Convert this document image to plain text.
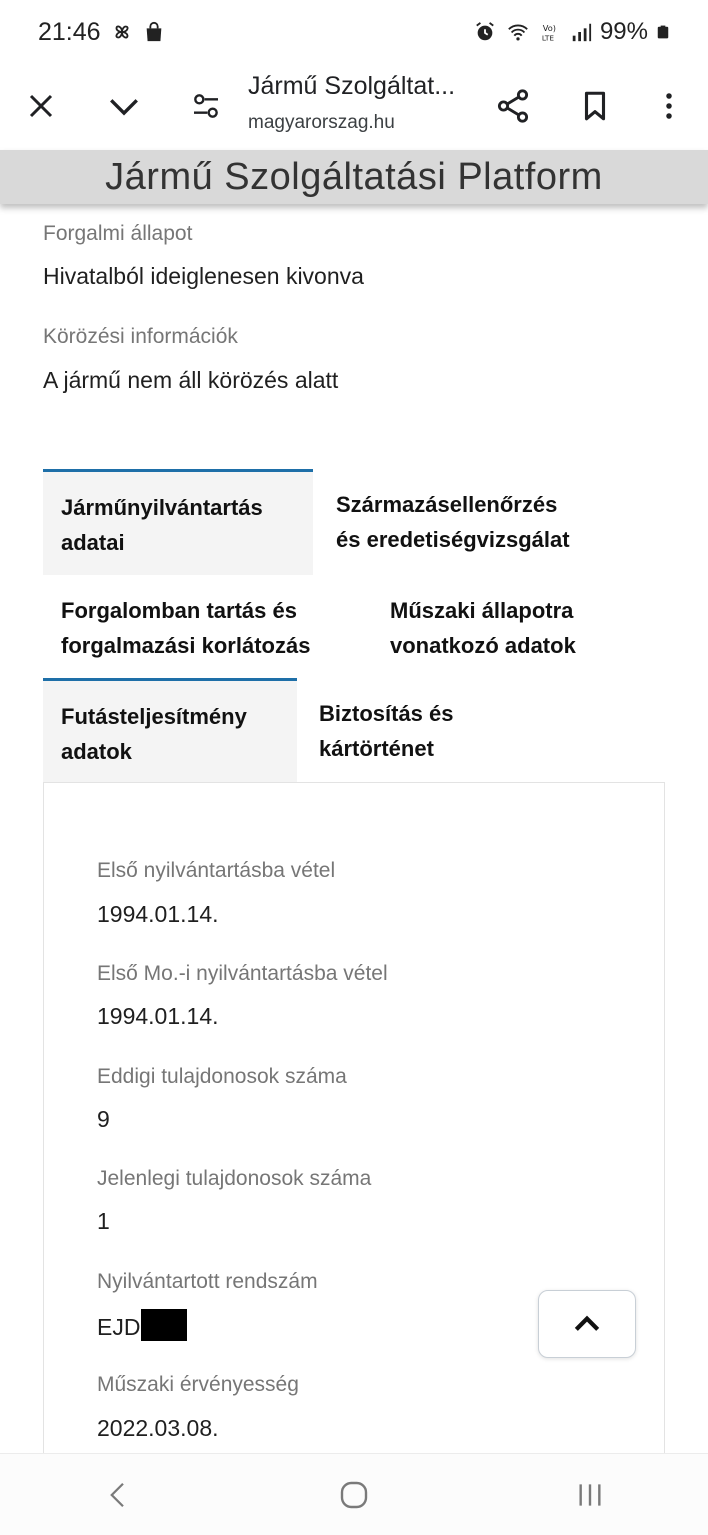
21:46	Vo)
LTE 99%
Jármű Szolgáltat...
magyarorszag.hu
Jármű Szolgáltatási Platform
Forgalmi állapot
Hivatalból ideiglenesen kivonva
Körözési információk
A jármű nem áll körözés alatt
Járműnyilvántartás
adatai
Származásellenőrzés
és eredetiségvizsgálat
Forgalomban tartás és
forgalmazási korlátozás
Műszaki állapotra
vonatkozó adatok
Futásteljesítmény
adatok
Biztosítás és
kártörténet
Első nyilvántartásba vétel
1994.01.14.
Első Mo.-i nyilvántartásba vétel
1994.01.14.
Eddigi tulajdonosok száma
9
Jelenlegi tulajdonosok száma
1
Nyilvántartott rendszám
EJD
Műszaki érvényesség
2022.03.08.
